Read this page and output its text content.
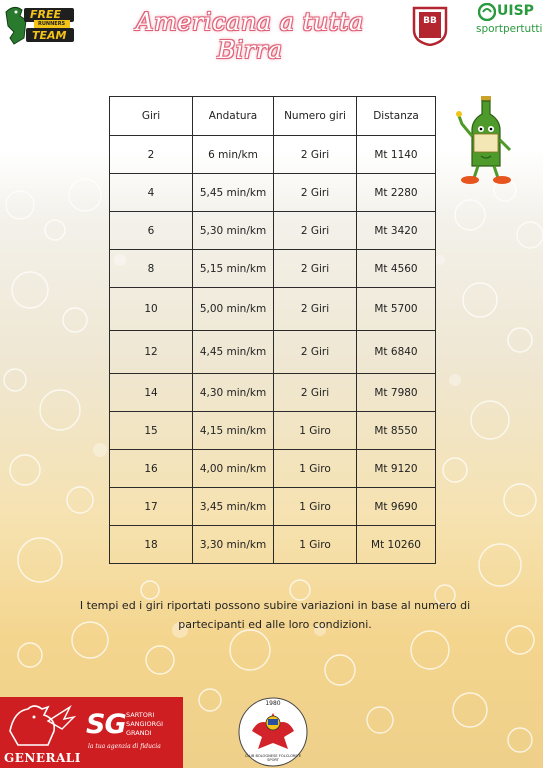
FREE
RUNNERS
TEAM	Americana a tutta Birra
BB
UISP
sportpertutti
Giri	Andatura	Numero giri	Distanza
2	6 min/km	2 Giri	Mt 1140
4	5,45 min/km	2 Giri	Mt 2280
6	5,30 min/km	2 Giri	Mt 3420
8	5,15 min/km	2 Giri	Mt 4560
10	5,00 min/km	2 Giri	Mt 5700
12	4,45 min/km	2 Giri	Mt 6840
14	4,30 min/km	2 Giri	Mt 7980
15	4,15 min/km	1 Giro	Mt 8550
16	4,00 min/km	1 Giro	Mt 9120
17	3,45 min/km	1 Giro	Mt 9690
18	3,30 min/km	1 Giro	Mt 10260
I tempi ed i giri riportati possono subire variazioni in base al numero di
partecipanti ed alle loro condizioni.
GENERALI
SG SARTORI
SANGIORGI
GRANDI
la tua agenzia di fiducia
1980
CLUB BOLOGNESE FOLCLORE E SPORT
